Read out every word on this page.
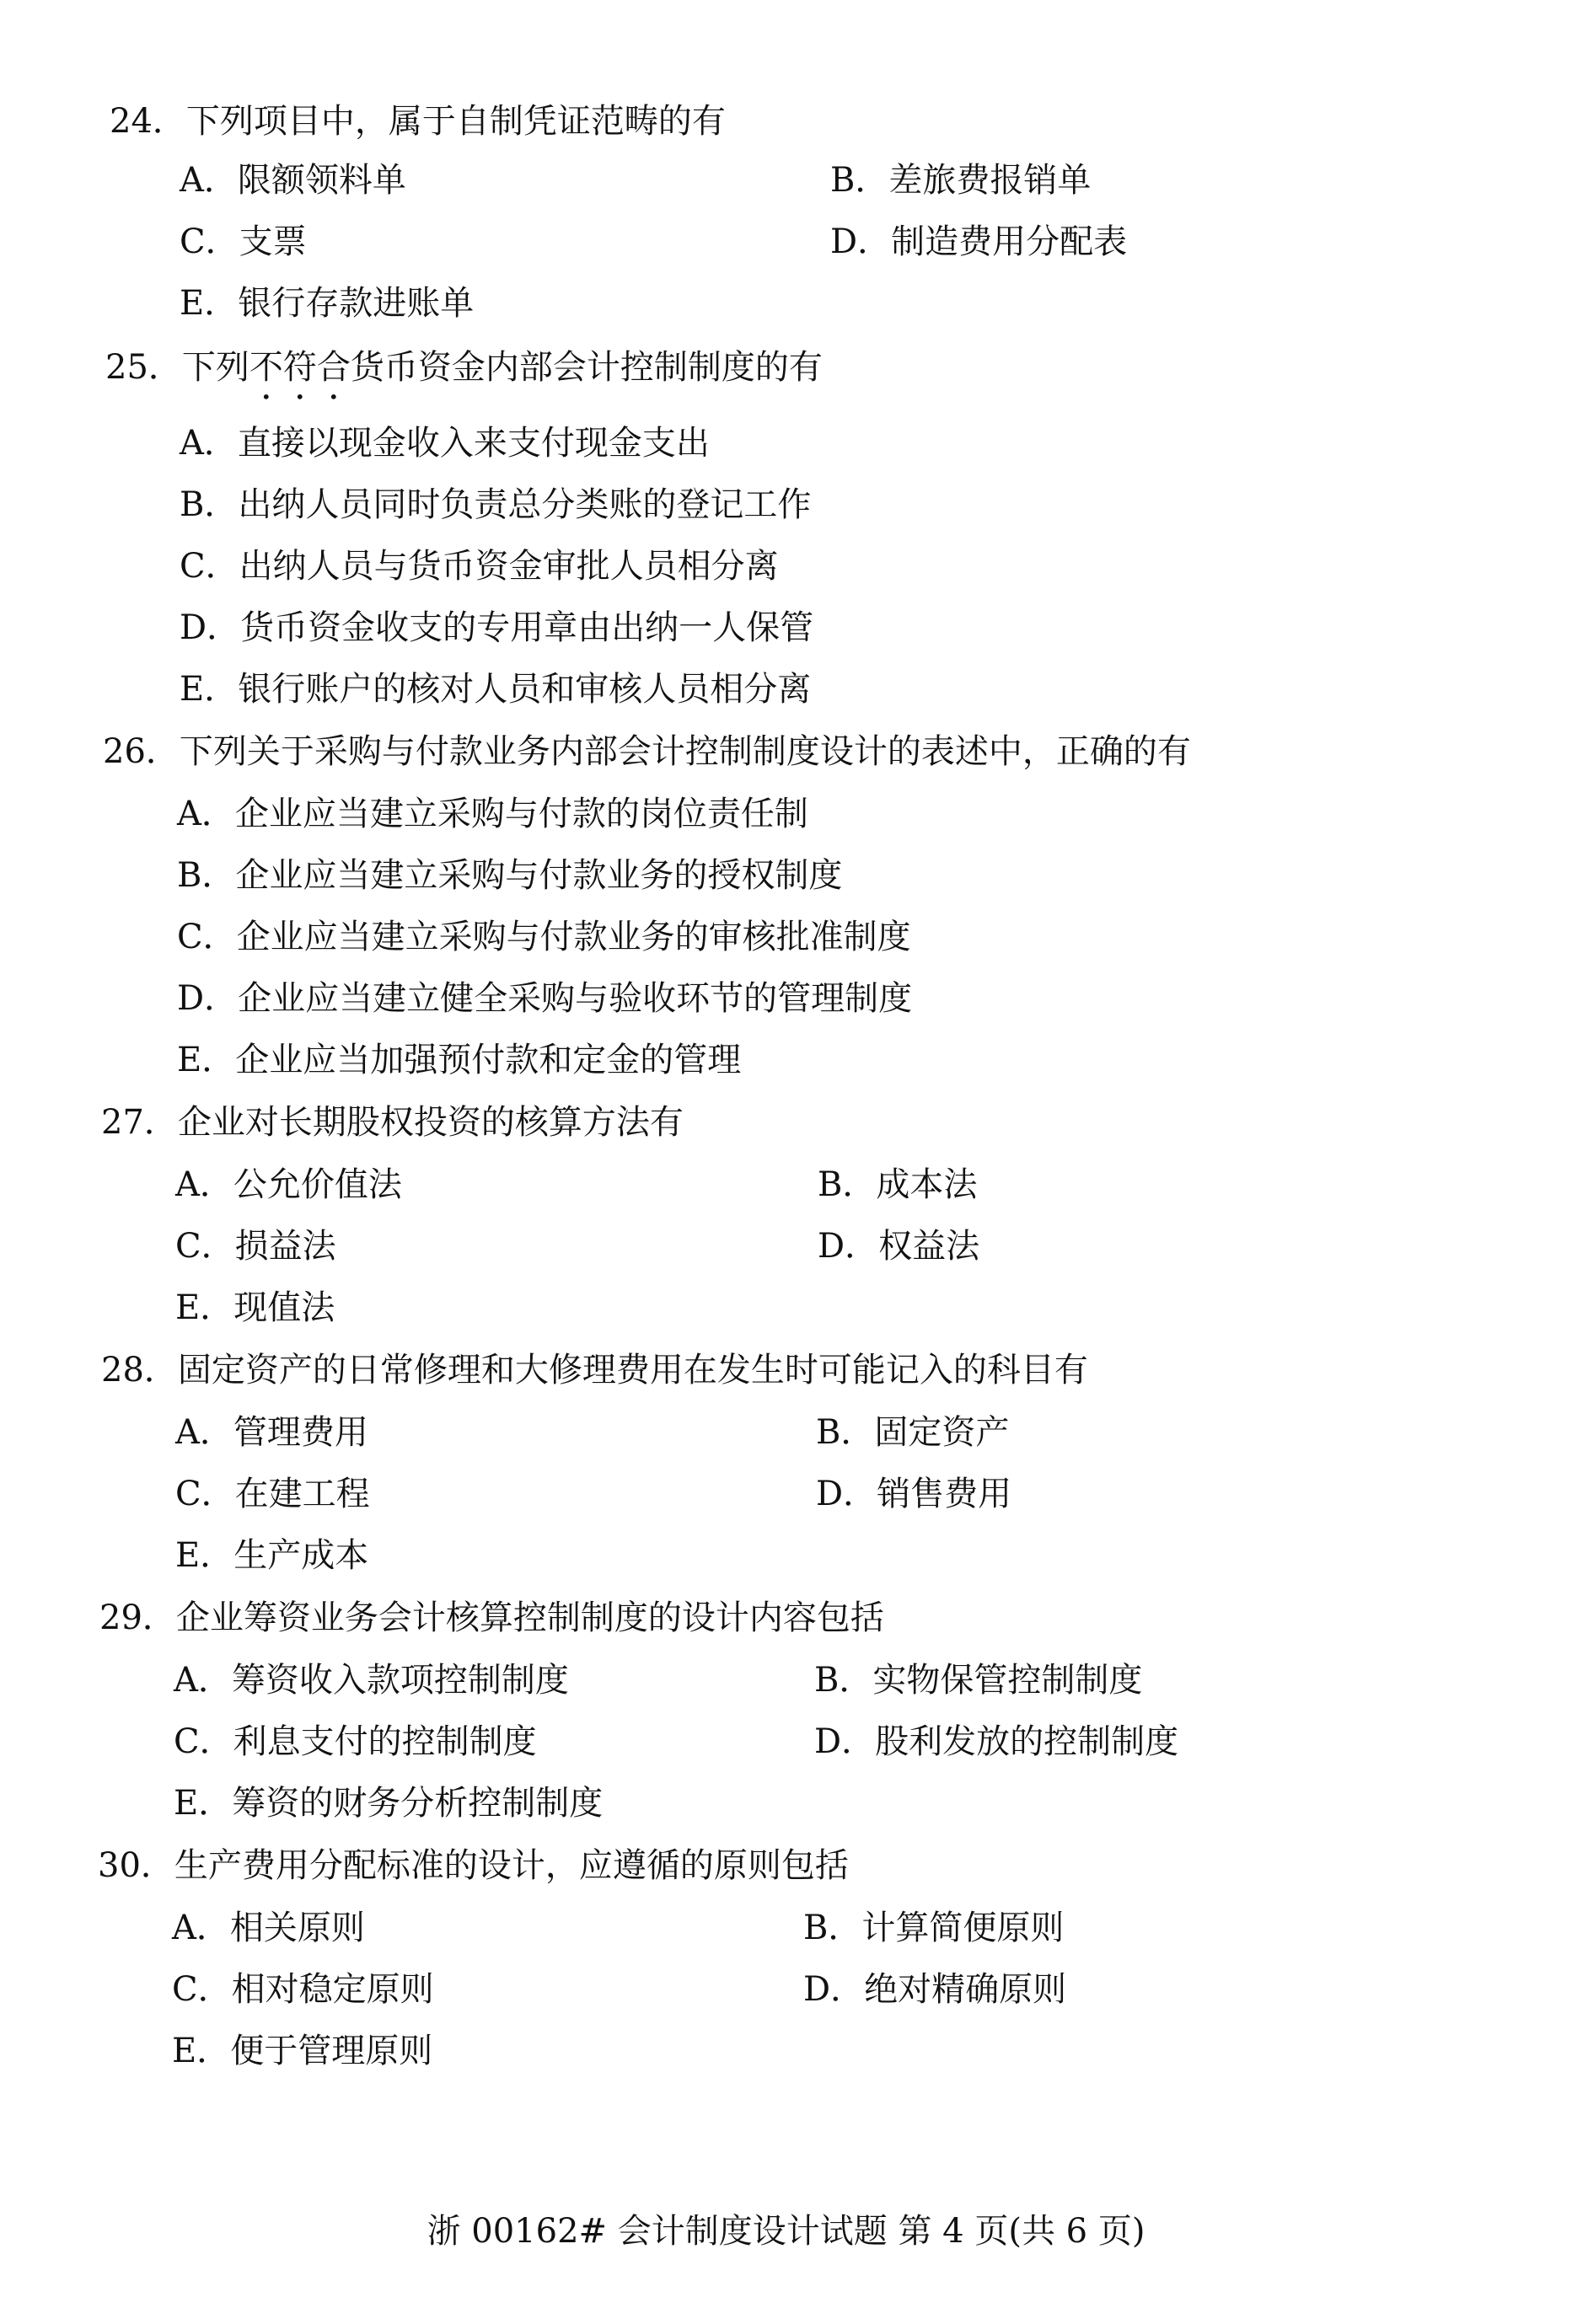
24．下列项目中，属于自制凭证范畴的有
A．限额领料单	B．差旅费报销单
C．支票	D．制造费用分配表
E．银行存款进账单
25．下列不符合货币资金内部会计控制制度的有
A．直接以现金收入来支付现金支出
B．出纳人员同时负责总分类账的登记工作
C．出纳人员与货币资金审批人员相分离
D．货币资金收支的专用章由出纳一人保管
E．银行账户的核对人员和审核人员相分离
26．下列关于采购与付款业务内部会计控制制度设计的表述中，正确的有
A．企业应当建立采购与付款的岗位责任制
B．企业应当建立采购与付款业务的授权制度
C．企业应当建立采购与付款业务的审核批准制度
D．企业应当建立健全采购与验收环节的管理制度
E．企业应当加强预付款和定金的管理
27．企业对长期股权投资的核算方法有
A．公允价值法	B．成本法
C．损益法	D．权益法
E．现值法
28．固定资产的日常修理和大修理费用在发生时可能记入的科目有
A．管理费用	B．固定资产
C．在建工程	D．销售费用
E．生产成本
29．企业筹资业务会计核算控制制度的设计内容包括
A．筹资收入款项控制制度	B．实物保管控制制度
C．利息支付的控制制度	D．股利发放的控制制度
E．筹资的财务分析控制制度
30．生产费用分配标准的设计，应遵循的原则包括
A．相关原则	B．计算简便原则
C．相对稳定原则	D．绝对精确原则
E．便于管理原则
浙 00162# 会计制度设计试题 第 4 页(共 6 页)
